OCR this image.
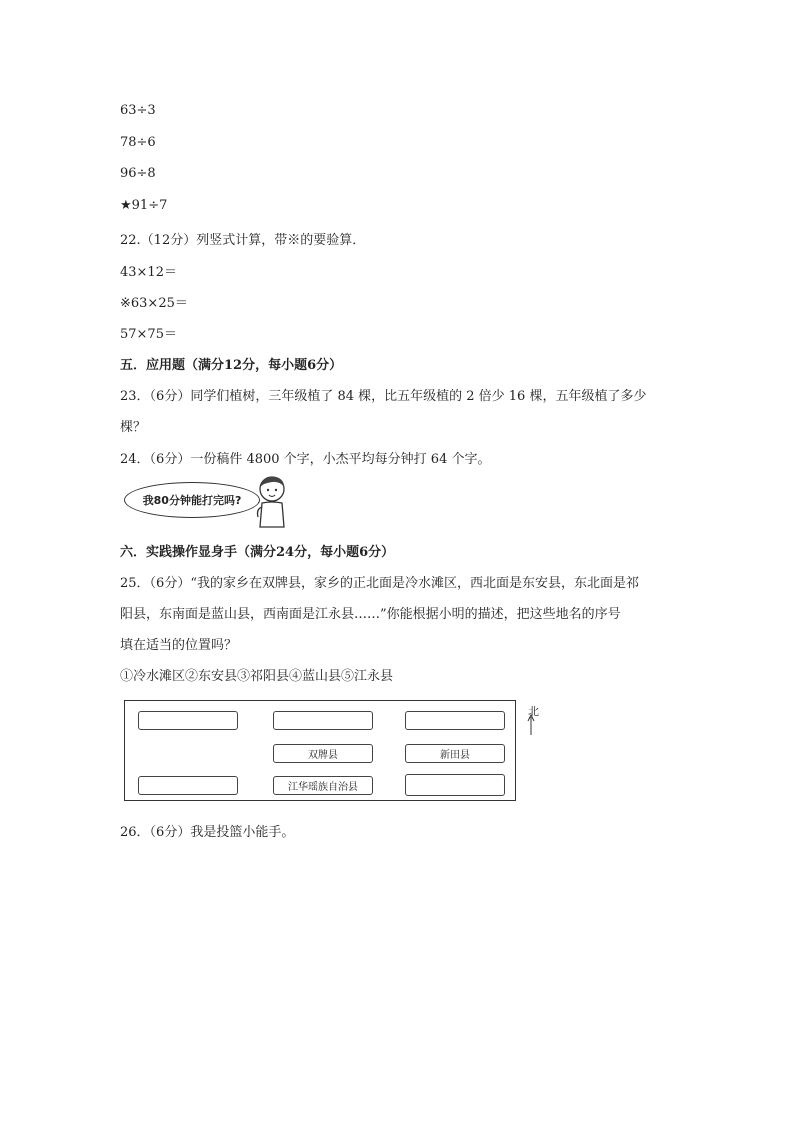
63÷3
78÷6
96÷8
★91÷7
22.（12分）列竖式计算，带※的要验算．
43×12＝
※63×25＝
57×75＝
五．应用题（满分12分，每小题6分）
23．（6分）同学们植树，三年级植了 84 棵，比五年级植的 2 倍少 16 棵，五年级植了多少
棵？
24．（6分）一份稿件 4800 个字，小杰平均每分钟打 64 个字。
我80分钟能打完吗?
六．实践操作显身手（满分24分，每小题6分）
25．（6分）“我的家乡在双牌县，家乡的正北面是冷水滩区，西北面是东安县，东北面是祁
阳县，东南面是蓝山县，西南面是江永县……”你能根据小明的描述，把这些地名的序号
填在适当的位置吗？
①冷水滩区②东安县③祁阳县④蓝山县⑤江永县
双牌县	新田县
江华瑶族自治县
北
26．（6分）我是投篮小能手。
